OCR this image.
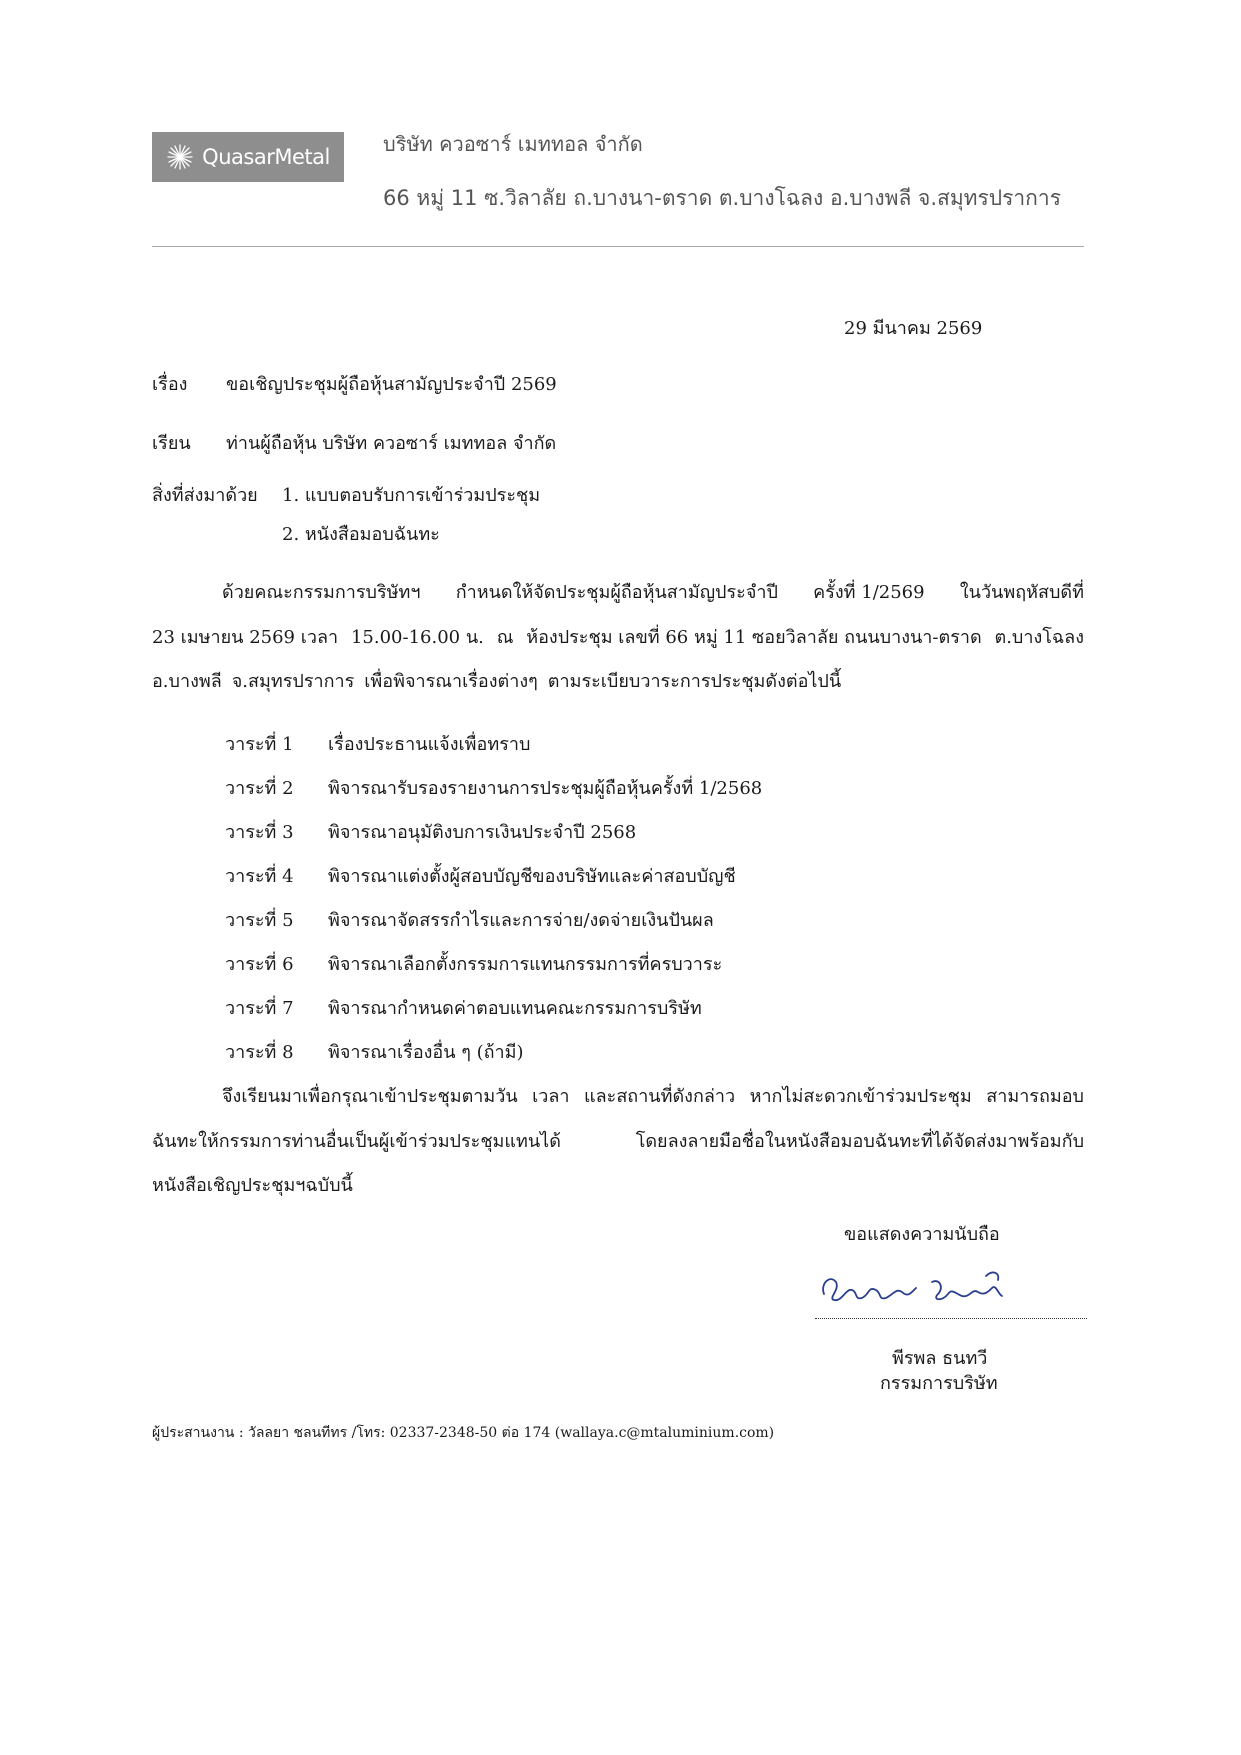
QuasarMetal
บริษัท ควอซาร์ เมททอล จำกัด
66 หมู่ 11 ซ.วิลาลัย ถ.บางนา-ตราด ต.บางโฉลง อ.บางพลี จ.สมุทรปราการ
29 มีนาคม 2569
เรื่อง ขอเชิญประชุมผู้ถือหุ้นสามัญประจำปี 2569
เรียน ท่านผู้ถือหุ้น บริษัท ควอซาร์ เมททอล จำกัด
สิ่งที่ส่งมาด้วย 1. แบบตอบรับการเข้าร่วมประชุม
2. หนังสือมอบฉันทะ
ด้วยคณะกรรมการบริษัทฯ กำหนดให้จัดประชุมผู้ถือหุ้นสามัญประจำปี ครั้งที่ 1/2569 ในวันพฤหัสบดีที่
23 เมษายน 2569 เวลา 15.00-16.00 น. ณ ห้องประชุม เลขที่ 66 หมู่ 11 ซอยวิลาลัย ถนนบางนา-ตราด ต.บางโฉลง
อ.บางพลี จ.สมุทรปราการ เพื่อพิจารณาเรื่องต่างๆ ตามระเบียบวาระการประชุมดังต่อไปนี้
วาระที่ 1 เรื่องประธานแจ้งเพื่อทราบ
วาระที่ 2 พิจารณารับรองรายงานการประชุมผู้ถือหุ้นครั้งที่ 1/2568
วาระที่ 3 พิจารณาอนุมัติงบการเงินประจำปี 2568
วาระที่ 4 พิจารณาแต่งตั้งผู้สอบบัญชีของบริษัทและค่าสอบบัญชี
วาระที่ 5 พิจารณาจัดสรรกำไรและการจ่าย/งดจ่ายเงินปันผล
วาระที่ 6 พิจารณาเลือกตั้งกรรมการแทนกรรมการที่ครบวาระ
วาระที่ 7 พิจารณากำหนดค่าตอบแทนคณะกรรมการบริษัท
วาระที่ 8 พิจารณาเรื่องอื่น ๆ (ถ้ามี)
จึงเรียนมาเพื่อกรุณาเข้าประชุมตามวัน เวลา และสถานที่ดังกล่าว หากไม่สะดวกเข้าร่วมประชุม สามารถมอบ
ฉันทะให้กรรมการท่านอื่นเป็นผู้เข้าร่วมประชุมแทนได้	โดยลงลายมือชื่อในหนังสือมอบฉันทะที่ได้จัดส่งมาพร้อมกับ
หนังสือเชิญประชุมฯฉบับนี้
ขอแสดงความนับถือ
พีรพล ธนทวี
กรรมการบริษัท
ผู้ประสานงาน : วัลลยา ชลนทีทร /โทร: 02337-2348-50 ต่อ 174 (wallaya.c@mtaluminium.com)
